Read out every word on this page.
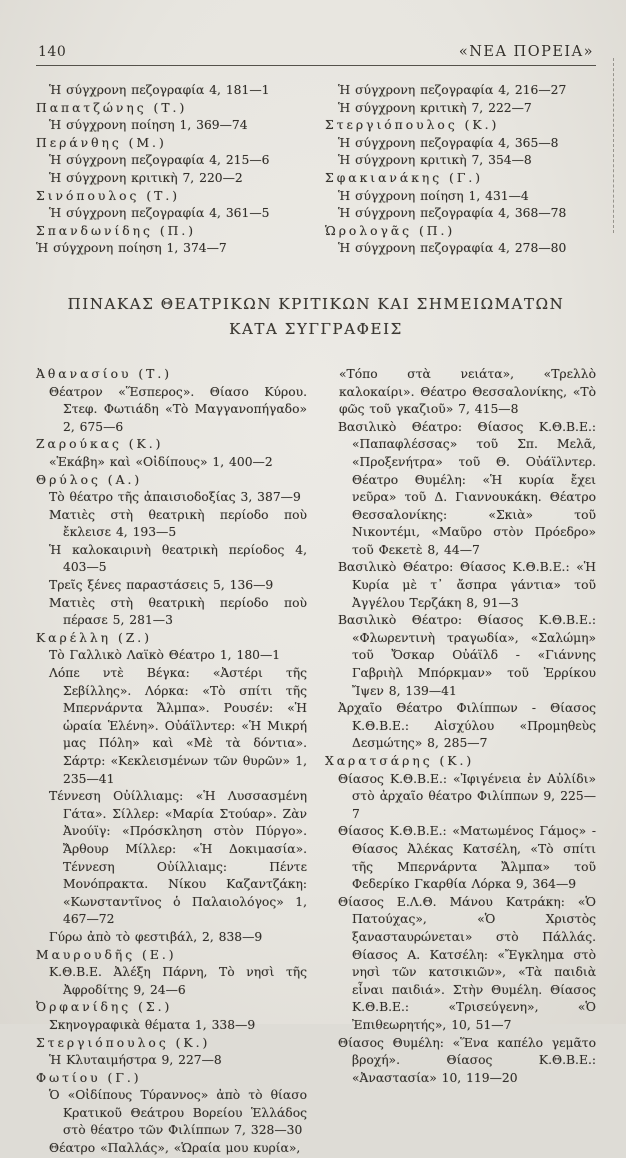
140	«ΝΕΑ ΠΟΡΕΙΑ»
Ἡ σύγχρονη πεζογραφία 4, 181—1
Παπατζώνης (Τ.)
Ἡ σύγχρονη ποίηση 1, 369—74
Περάνθης (Μ.)
Ἡ σύγχρονη πεζογραφία 4, 215—6
Ἡ σύγχρονη κριτικὴ 7, 220—2
Σινόπουλος (Τ.)
Ἡ σύγχρονη πεζογραφία 4, 361—5
Σπανδωνίδης (Π.)
Ἡ σύγχρονη ποίηση 1, 374—7
Ἡ σύγχρονη πεζογραφία 4, 216—27
Ἡ σύγχρονη κριτικὴ 7, 222—7
Στεργιόπουλος (Κ.)
Ἡ σύγχρονη πεζογραφία 4, 365—8
Ἡ σύγχρονη κριτικὴ 7, 354—8
Σφακιανάκης (Γ.)
Ἡ σύγχρονη ποίηση 1, 431—4
Ἡ σύγχρονη πεζογραφία 4, 368—78
Ὡρολογᾶς (Π.)
Ἡ σύγχρονη πεζογραφία 4, 278—80
ΠΙΝΑΚΑΣ ΘΕΑΤΡΙΚΩΝ ΚΡΙΤΙΚΩΝ ΚΑΙ ΣΗΜΕΙΩΜΑΤΩΝ
ΚΑΤΑ ΣΥΓΓΡΑΦΕΙΣ
Ἀθανασίου (Τ.)
Θέατρον «Ἕσπερος». Θίασο Κύρου. Στεφ. Φωτιάδη «Τὸ Μαγγανοπήγαδο» 2, 675—6
Ζαρούκας (Κ.)
«Ἑκάβη» καὶ «Οἰδίπους» 1, 400—2
Θρύλος (Α.)
Τὸ θέατρο τῆς ἀπαισιοδοξίας 3, 387—9
Ματιὲς στὴ θεατρικὴ περίοδο ποὺ ἔκλεισε 4, 193—5
Ἡ καλοκαιρινὴ θεατρικὴ περίοδος 4, 403—5
Τρεῖς ξένες παραστάσεις 5, 136—9
Ματιὲς στὴ θεατρικὴ περίοδο ποὺ πέρασε 5, 281—3
Καρέλλη (Ζ.)
Τὸ Γαλλικὸ Λαϊκὸ Θέατρο 1, 180—1
Λόπε ντὲ Βέγκα: «Ἀστέρι τῆς Σεβίλλης». Λόρκα: «Τὸ σπίτι τῆς Μπερνάρντα Ἄλμπα». Ρουσέν: «Ἡ ὡραία Ἑλένη». Οὐάϊλντερ: «Ἡ Μικρή μας Πόλη» καὶ «Μὲ τὰ δόντια». Σάρτρ: «Κεκλεισμένων τῶν θυρῶν» 1, 235—41
Τέννεση Οὐίλλιαμς: «Ἡ Λυσσασμένη Γάτα». Σίλλερ: «Μαρία Στούαρ». Ζὰν Ἀνούϊγ: «Πρόσκληση στὸν Πύργο». Ἄρθουρ Μίλλερ: «Ἡ Δοκιμασία». Τέννεση Οὐίλλιαμς: Πέντε Μονόπρακτα. Νίκου Καζαντζάκη: «Κωνσταντῖνος ὁ Παλαιολόγος» 1, 467—72
Γύρω ἀπὸ τὸ φεστιβάλ, 2, 838—9
Μαυρουδῆς (Ε.)
Κ.Θ.Β.Ε. Ἀλέξη Πάρνη, Τὸ νησὶ τῆς Ἀφροδίτης 9, 24—6
Ὀρφανίδης (Σ.)
Σκηνογραφικὰ θέματα 1, 338—9
Στεργιόπουλος (Κ.)
Ἡ Κλυταιμήστρα 9, 227—8
Φωτίου (Γ.)
Ὁ «Οἰδίπους Τύραννος» ἀπὸ τὸ θίασο Κρατικοῦ Θεάτρου Βορείου Ἑλλάδος στὸ θέατρο τῶν Φιλίππων 7, 328—30
Θέατρο «Παλλάς», «Ὡραία μου κυρία»,
«Τόπο στὰ νειάτα», «Τρελλὸ καλοκαίρι». Θέατρο Θεσσαλονίκης, «Τὸ φῶς τοῦ γκαζιοῦ» 7, 415—8
Βασιλικὸ Θέατρο: Θίασος Κ.Θ.Β.Ε.: «Παπαφλέσσας» τοῦ Σπ. Μελᾶ, «Προξενήτρα» τοῦ Θ. Οὐάϊλντερ. Θέατρο Θυμέλη: «Ἡ κυρία ἔχει νεῦρα» τοῦ Δ. Γιαννουκάκη. Θέατρο Θεσσαλονίκης: «Σκιὰ» τοῦ Νικοντέμι, «Μαῦρο στὸν Πρόεδρο» τοῦ Φεκετὲ 8, 44—7
Βασιλικὸ Θέατρο: Θίασος Κ.Θ.Β.Ε.: «Ἡ Κυρία μὲ τ᾽ ἄσπρα γάντια» τοῦ Ἀγγέλου Τερζάκη 8, 91—3
Βασιλικὸ Θέατρο: Θίασος Κ.Θ.Β.Ε.: «Φλωρεντινὴ τραγωδία», «Σαλώμη» τοῦ Ὄσκαρ Οὐάϊλδ - «Γιάννης Γαβριὴλ Μπόρκμαν» τοῦ Ἑρρίκου Ἴψεν 8, 139—41
Ἀρχαῖο Θέατρο Φιλίππων - Θίασος Κ.Θ.Β.Ε.: Αἰσχύλου «Προμηθεὺς Δεσμώτης» 8, 285—7
Χαρατσάρης (Κ.)
Θίασος Κ.Θ.Β.Ε.: «Ἰφιγένεια ἐν Αὐλίδι» στὸ ἀρχαῖο θέατρο Φιλίππων 9, 225—7
Θίασος Κ.Θ.Β.Ε.: «Ματωμένος Γάμος» - Θίασος Ἀλέκας Κατσέλη, «Τὸ σπίτι τῆς Μπερνάρντα Ἄλμπα» τοῦ Φεδερίκο Γκαρθία Λόρκα 9, 364—9
Θίασος Ε.Λ.Θ. Μάνου Κατράκη: «Ὁ Πατούχας», «Ὁ Χριστὸς ξανασταυρώνεται» στὸ Πάλλάς. Θίασος Α. Κατσέλη: «Ἔγκλημα στὸ νησὶ τῶν κατσικιῶν», «Τὰ παιδιὰ εἶναι παιδιά». Στὴν Θυμέλη. Θίασος Κ.Θ.Β.Ε.: «Τρισεύγενη», «Ὁ Ἐπιθεωρητής», 10, 51—7
Θίασος Θυμέλη: «Ἕνα καπέλο γεμᾶτο βροχή». Θίασος Κ.Θ.Β.Ε.: «Ἀναστασία» 10, 119—20
